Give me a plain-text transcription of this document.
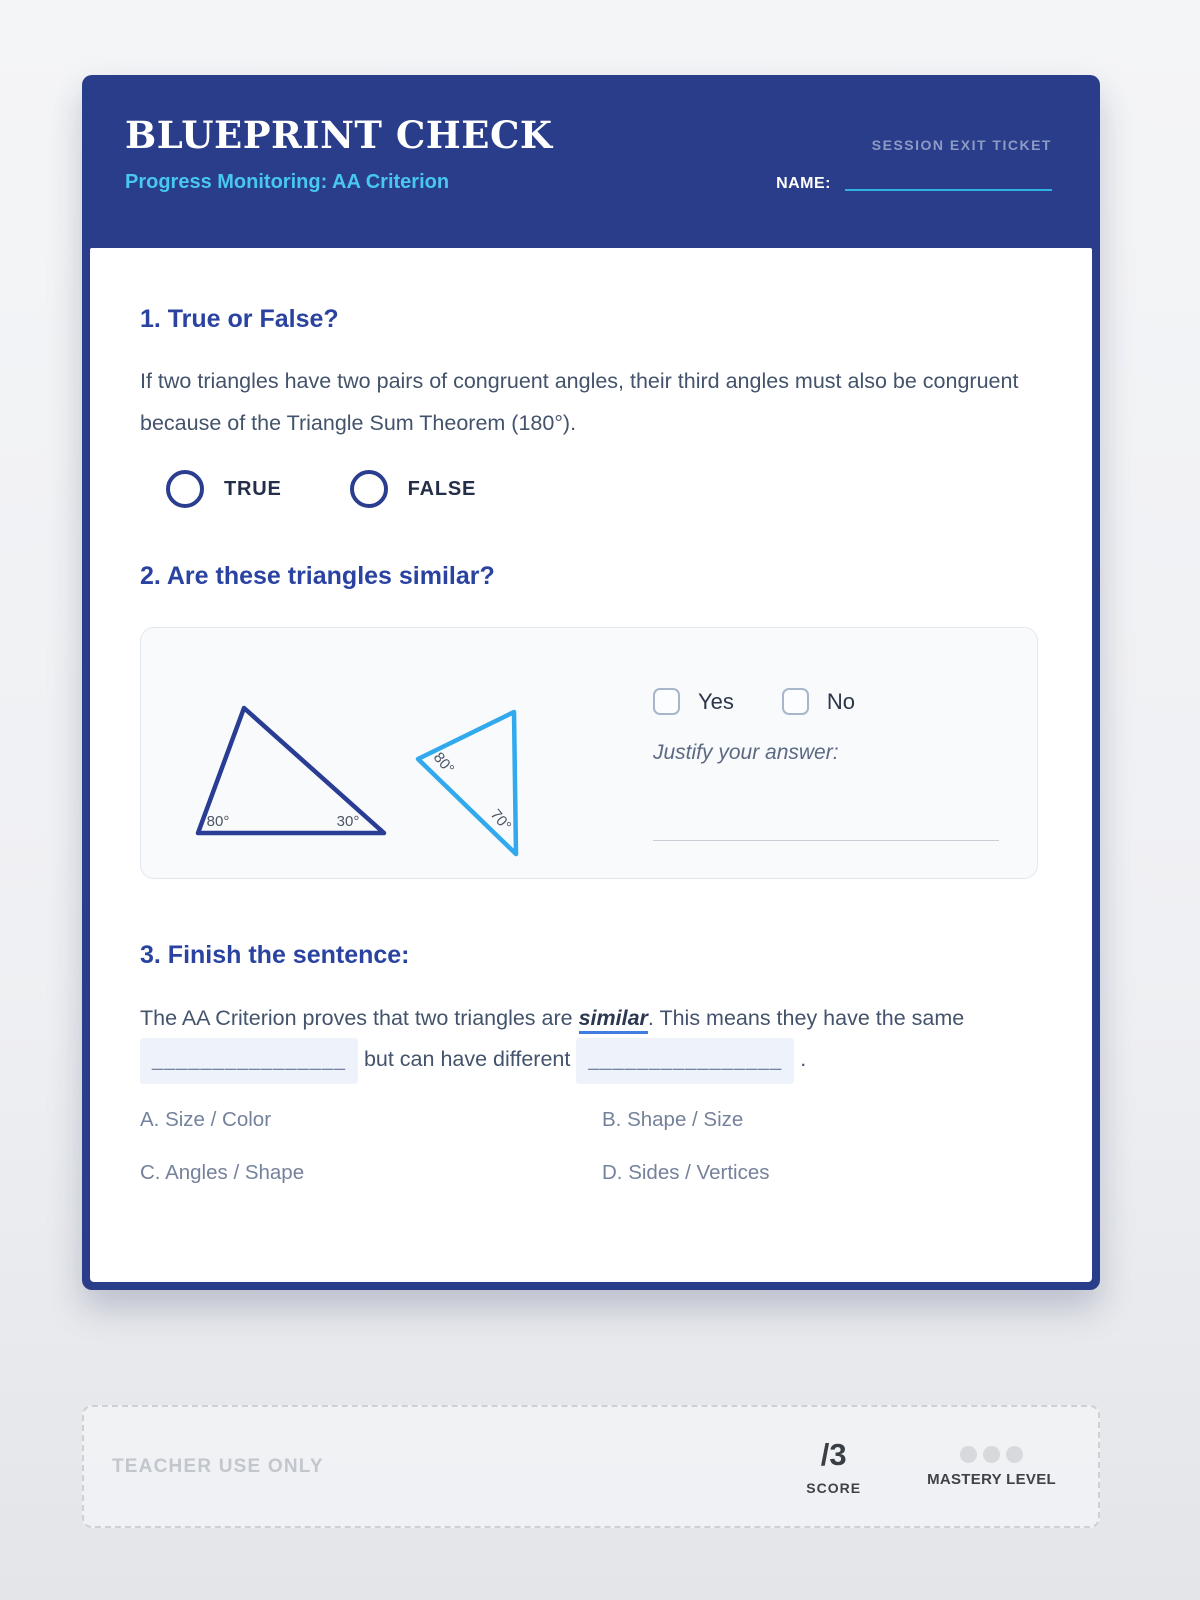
BLUEPRINT CHECK
Progress Monitoring: AA Criterion
SESSION EXIT TICKET
NAME:
1. True or False?
If two triangles have two pairs of congruent angles, their third angles must also be congruent because of the Triangle Sum Theorem (180°).
TRUE	FALSE
2. Are these triangles similar?
80°	30°
80°
70°
Yes	No
Justify your answer:
3. Finish the sentence:
The AA Criterion proves that two triangles are similar. This means they have the same ________________ but can have different ________________ .
A. Size / Color	B. Shape / Size
C. Angles / Shape	D. Sides / Vertices
TEACHER USE ONLY	/3
SCORE
MASTERY LEVEL
